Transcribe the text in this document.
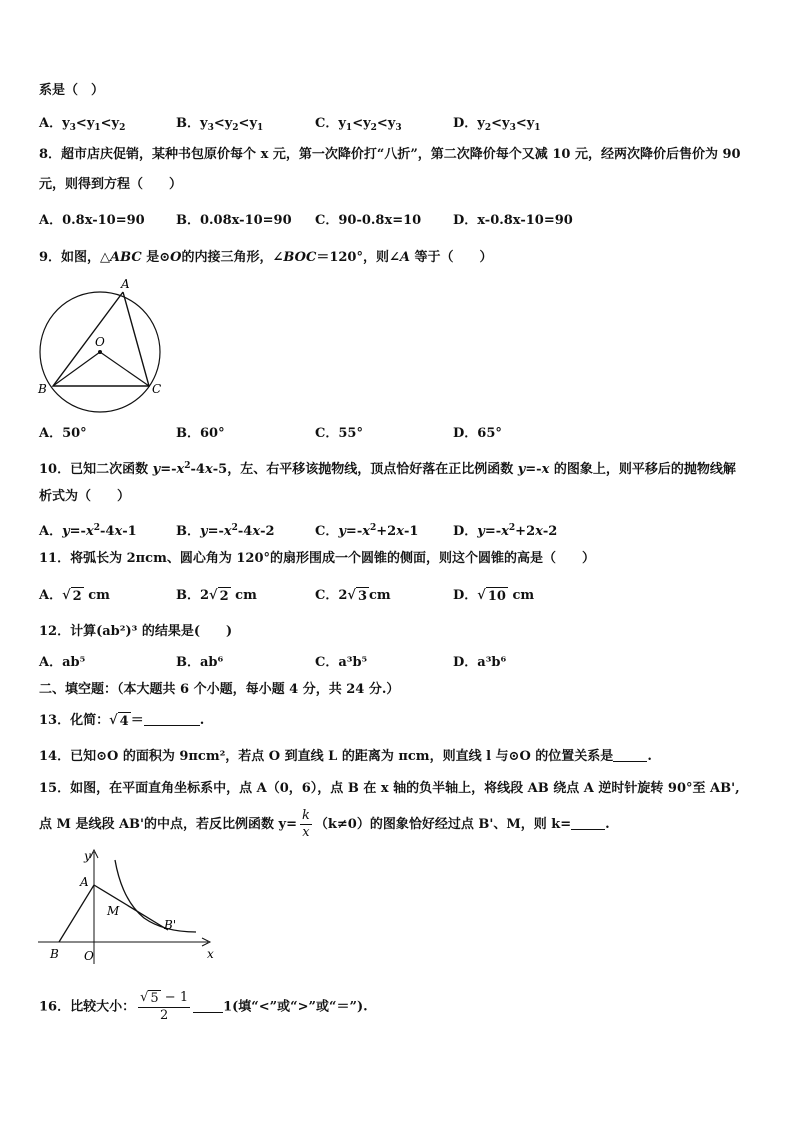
系是（　）
A．$y_3<y_1<y_2$	B．$y_3<y_2<y_1$	C．$y_1<y_2<y_3$	D．$y_2<y_3<y_1$
8．超市店庆促销，某种书包原价每个 x 元，第一次降价打“八折”，第二次降价每个又减 10 元，经两次降价后售价为 90
元，则得到方程（　　）
A．0.8x-10=90 B．0.08x-10=90 C．90-0.8x=10 D．x-0.8x-10=90
9．如图，△ABC 是⊙O的内接三角形，∠BOC＝120°，则∠A 等于（　　）
A
O
B	C
A．50°	B．60°	C．55°	D．65°
10．已知二次函数 $y=-x^2-4x-5$，左、右平移该抛物线，顶点恰好落在正比例函数 y=-x 的图象上，则平移后的抛物线解
析式为（　　）
A．$y=-x^2-4x-1$	B．$y=-x^2-4x-2$	C．$y=-x^2+2x-1$	D．$y=-x^2+2x-2$
11．将弧长为 2πcm、圆心角为 120°的扇形围成一个圆锥的侧面，则这个圆锥的高是（　　）
A．√ 2 cm	B．2√ 2 cm	C．2√ 3 cm	D．√ 10 cm
12．计算(ab²)³ 的结果是(　　)
A．ab⁵	B．ab⁶	C．a³b⁵	D．a³b⁶
二、填空题：（本大题共 6 个小题，每小题 4 分，共 24 分.）
13．化简：√ 4 ＝	.
14．已知⊙O 的面积为 9πcm²，若点 O 到直线 L 的距离为 πcm，则直线 l 与⊙O 的位置关系是	.
15．如图，在平面直角坐标系中，点 A（0，6），点 B 在 x 轴的负半轴上，将线段 AB 绕点 A 逆时针旋转 90°至 AB',
点 M 是线段 AB'的中点，若反比例函数 $y= \frac{k}{x} (k\ne 0)$的图象恰好经过点 B'、M，则 k=	.
y
A
M
B'
B O	x
16．比较大小： $\frac{√ 5 - 1}{2}$	1(填“<”或“>”或“＝”).
